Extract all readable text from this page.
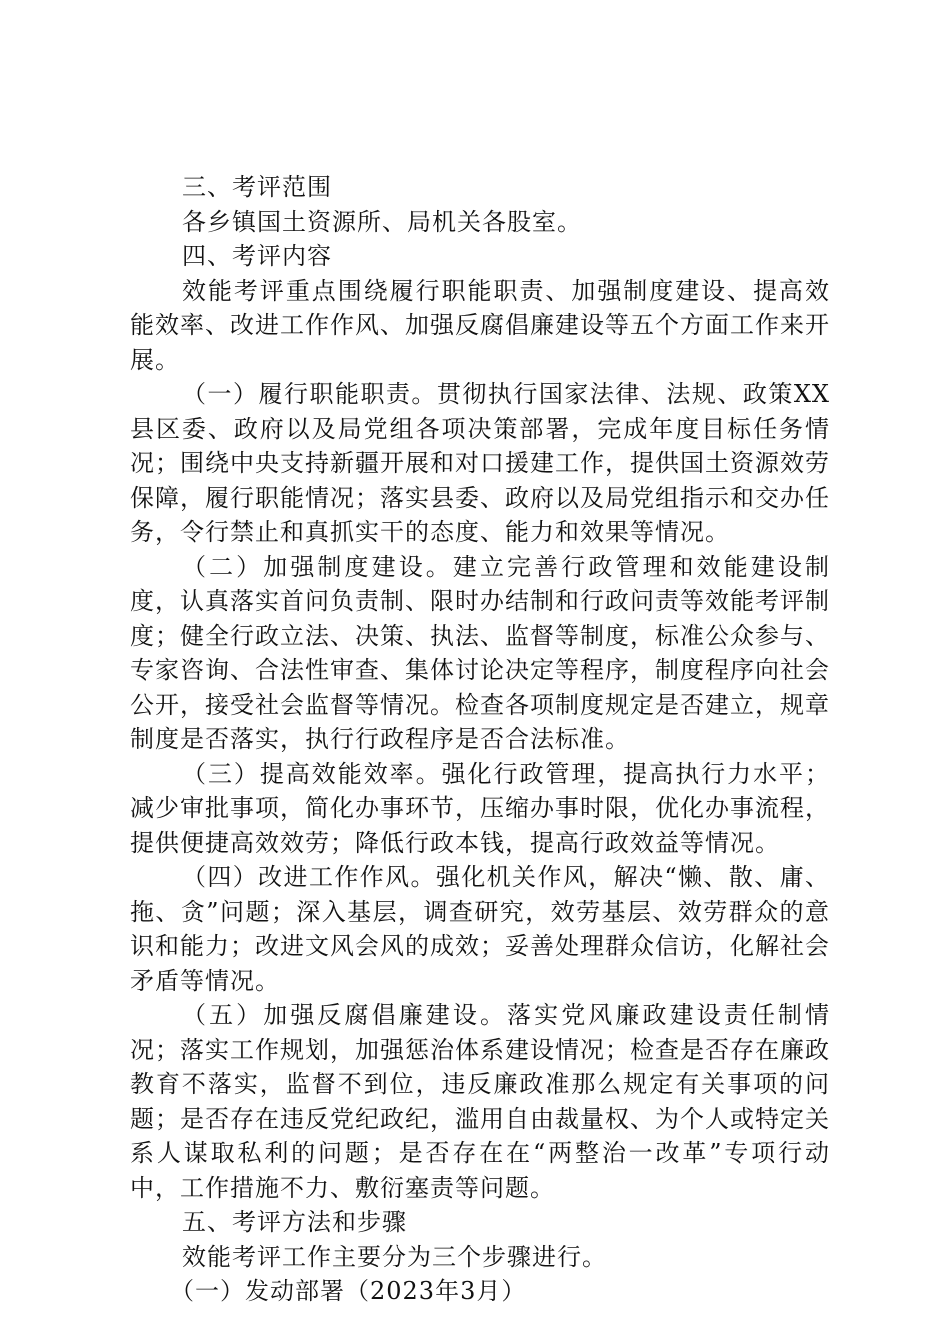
三、考评范围

各乡镇国土资源所、局机关各股室。

四、考评内容

效能考评重点围绕履行职能职责、加强制度建设、提高效能效率、改进工作作风、加强反腐倡廉建设等五个方面工作来开展。

（一）履行职能职责。贯彻执行国家法律、法规、政策XX县区委、政府以及局党组各项决策部署，完成年度目标任务情况；围绕中央支持新疆开展和对口援建工作，提供国土资源效劳保障，履行职能情况；落实县委、政府以及局党组指示和交办任务，令行禁止和真抓实干的态度、能力和效果等情况。

（二）加强制度建设。建立完善行政管理和效能建设制度，认真落实首问负责制、限时办结制和行政问责等效能考评制度；健全行政立法、决策、执法、监督等制度，标准公众参与、专家咨询、合法性审查、集体讨论决定等程序，制度程序向社会公开，接受社会监督等情况。检查各项制度规定是否建立，规章制度是否落实，执行行政程序是否合法标准。

（三）提高效能效率。强化行政管理，提高执行力水平；减少审批事项，简化办事环节，压缩办事时限，优化办事流程，提供便捷高效效劳；降低行政本钱，提高行政效益等情况。

（四）改进工作作风。强化机关作风，解决“懒、散、庸、拖、贪”问题；深入基层，调查研究，效劳基层、效劳群众的意识和能力；改进文风会风的成效；妥善处理群众信访，化解社会矛盾等情况。

（五）加强反腐倡廉建设。落实党风廉政建设责任制情况；落实工作规划，加强惩治体系建设情况；检查是否存在廉政教育不落实，监督不到位，违反廉政准那么规定有关事项的问题；是否存在违反党纪政纪，滥用自由裁量权、为个人或特定关系人谋取私利的问题；是否存在在“两整治一改革”专项行动中，工作措施不力、敷衍塞责等问题。

五、考评方法和步骤

效能考评工作主要分为三个步骤进行。

（一）发动部署（2023年3月）
